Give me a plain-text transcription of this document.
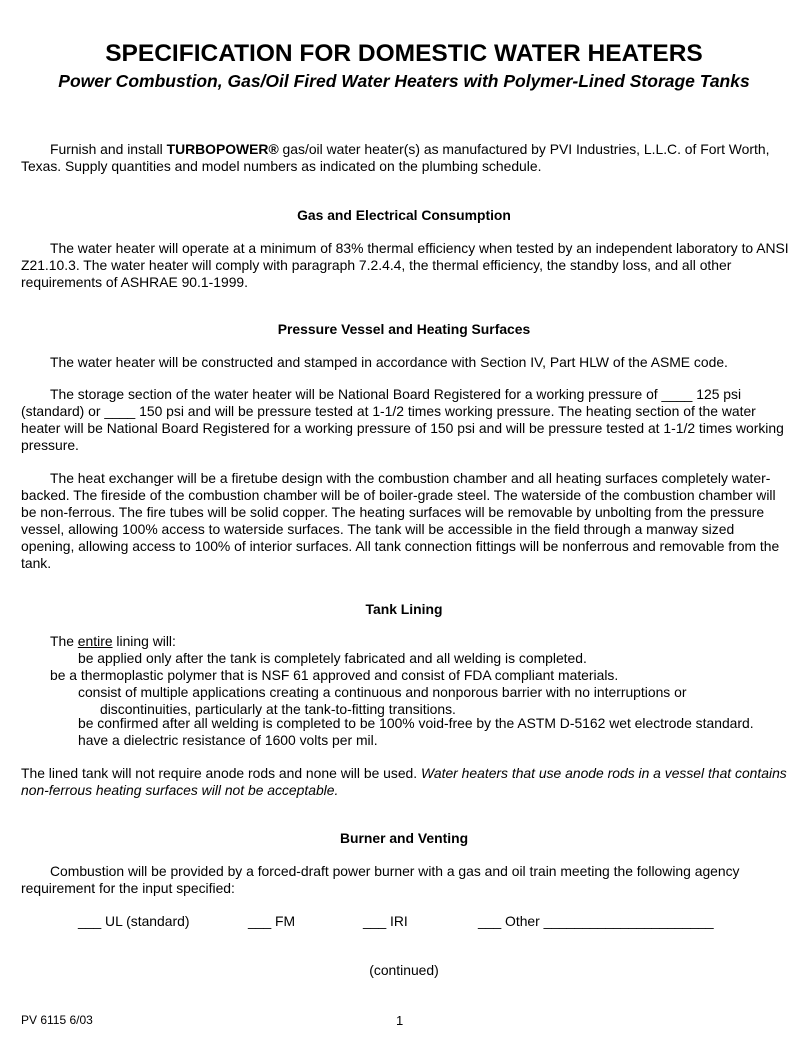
SPECIFICATION FOR DOMESTIC WATER HEATERS
Power Combustion, Gas/Oil Fired Water Heaters with Polymer-Lined Storage Tanks

Furnish and install TURBOPOWER® gas/oil water heater(s) as manufactured by PVI Industries, L.L.C. of Fort Worth, Texas. Supply quantities and model numbers as indicated on the plumbing schedule.

Gas and Electrical Consumption

The water heater will operate at a minimum of 83% thermal efficiency when tested by an independent laboratory to ANSI Z21.10.3. The water heater will comply with paragraph 7.2.4.4, the thermal efficiency, the standby loss, and all other requirements of ASHRAE 90.1-1999.

Pressure Vessel and Heating Surfaces

The water heater will be constructed and stamped in accordance with Section IV, Part HLW of the ASME code.

The storage section of the water heater will be National Board Registered for a working pressure of ____ 125 psi (standard) or ____ 150 psi and will be pressure tested at 1-1/2 times working pressure. The heating section of the water heater will be National Board Registered for a working pressure of 150 psi and will be pressure tested at 1-1/2 times working pressure.

The heat exchanger will be a firetube design with the combustion chamber and all heating surfaces completely water-backed. The fireside of the combustion chamber will be of boiler-grade steel. The waterside of the combustion chamber will be non-ferrous. The fire tubes will be solid copper. The heating surfaces will be removable by unbolting from the pressure vessel, allowing 100% access to waterside surfaces. The tank will be accessible in the field through a manway sized opening, allowing access to 100% of interior surfaces. All tank connection fittings will be nonferrous and removable from the tank.

Tank Lining

The entire lining will:

be applied only after the tank is completely fabricated and all welding is completed.

be a thermoplastic polymer that is NSF 61 approved and consist of FDA compliant materials.

consist of multiple applications creating a continuous and nonporous barrier with no interruptions or discontinuities, particularly at the tank-to-fitting transitions.

be confirmed after all welding is completed to be 100% void-free by the ASTM D-5162 wet electrode standard.

have a dielectric resistance of 1600 volts per mil.

The lined tank will not require anode rods and none will be used. Water heaters that use anode rods in a vessel that contains non-ferrous heating surfaces will not be acceptable.

Burner and Venting

Combustion will be provided by a forced-draft power burner with a gas and oil train meeting the following agency requirement for the input specified:

___ UL (standard)	___ FM	___ IRI	___ Other ______________________

(continued)

PV 6115 6/03	1
